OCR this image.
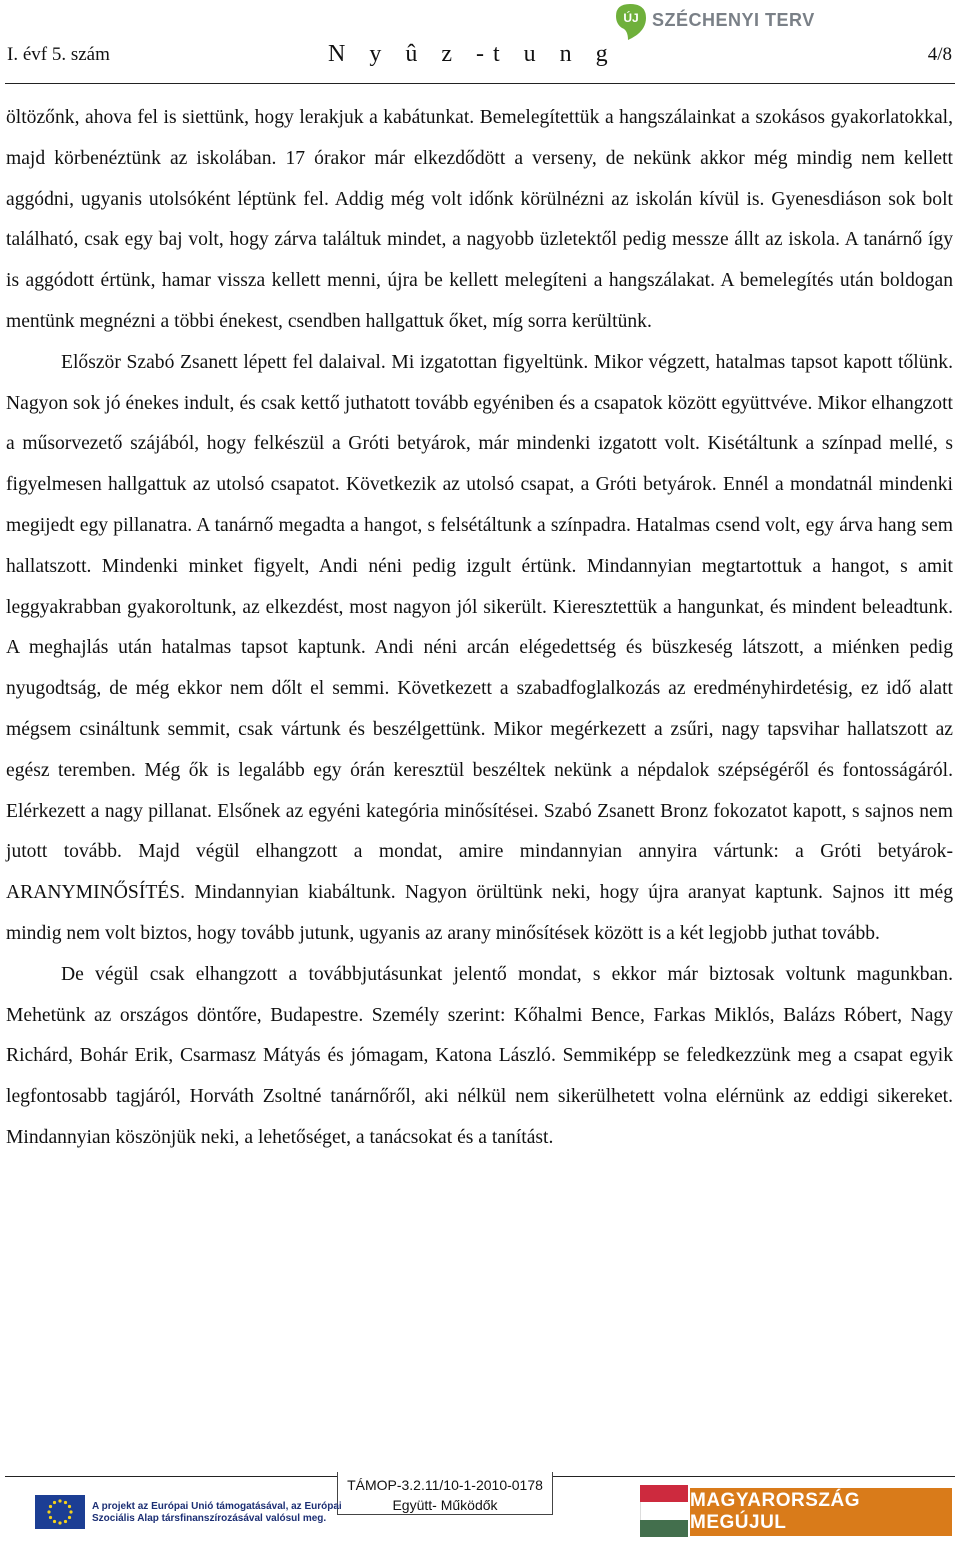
ÚJ SZÉCHENYI TERV
I. évf 5. szám	N y û z -t u n g	4/8

öltözőnk, ahova fel is siettünk, hogy lerakjuk a kabátunkat. Bemelegítettük a hangszálainkat a szokásos gyakorlatokkal, majd körbenéztünk az iskolában. 17 órakor már elkezdődött a verseny, de nekünk akkor még mindig nem kellett aggódni, ugyanis utolsóként léptünk fel. Addig még volt időnk körülnézni az iskolán kívül is. Gyenesdiáson sok bolt található, csak egy baj volt, hogy zárva találtuk mindet, a nagyobb üzletektől pedig messze állt az iskola. A tanárnő így is aggódott értünk, hamar vissza kellett menni, újra be kellett melegíteni a hangszálakat. A bemelegítés után boldogan mentünk megnézni a többi énekest, csendben hallgattuk őket, míg sorra kerültünk.

Először Szabó Zsanett lépett fel dalaival. Mi izgatottan figyeltünk. Mikor végzett, hatalmas tapsot kapott tőlünk. Nagyon sok jó énekes indult, és csak kettő juthatott tovább egyéniben és a csapatok között együttvéve. Mikor elhangzott a műsorvezető szájából, hogy felkészül a Gróti betyárok, már mindenki izgatott volt. Kisétáltunk a színpad mellé, s figyelmesen hallgattuk az utolsó csapatot. Következik az utolsó csapat, a Gróti betyárok. Ennél a mondatnál mindenki megijedt egy pillanatra. A tanárnő megadta a hangot, s felsétáltunk a színpadra. Hatalmas csend volt, egy árva hang sem hallatszott. Mindenki minket figyelt, Andi néni pedig izgult értünk. Mindannyian megtartottuk a hangot, s amit leggyakrabban gyakoroltunk, az elkezdést, most nagyon jól sikerült. Kieresztettük a hangunkat, és mindent beleadtunk. A meghajlás után hatalmas tapsot kaptunk. Andi néni arcán elégedettség és büszkeség látszott, a miénken pedig nyugodtság, de még ekkor nem dőlt el semmi. Következett a szabadfoglalkozás az eredményhirdetésig, ez idő alatt mégsem csináltunk semmit, csak vártunk és beszélgettünk. Mikor megérkezett a zsűri, nagy tapsvihar hallatszott az egész teremben. Még ők is legalább egy órán keresztül beszéltek nekünk a népdalok szépségéről és fontosságáról. Elérkezett a nagy pillanat. Elsőnek az egyéni kategória minősítései. Szabó Zsanett Bronz fokozatot kapott, s sajnos nem jutott tovább. Majd végül elhangzott a mondat, amire mindannyian annyira vártunk: a Gróti betyárok- ARANYMINŐSÍTÉS. Mindannyian kiabáltunk. Nagyon örültünk neki, hogy újra aranyat kaptunk. Sajnos itt még mindig nem volt biztos, hogy tovább jutunk, ugyanis az arany minősítések között is a két legjobb juthat tovább.

De végül csak elhangzott a továbbjutásunkat jelentő mondat, s ekkor már biztosak voltunk magunkban. Mehetünk az országos döntőre, Budapestre. Személy szerint: Kőhalmi Bence, Farkas Miklós, Balázs Róbert, Nagy Richárd, Bohár Erik, Csarmasz Mátyás és jómagam, Katona László. Semmiképp se feledkezzünk meg a csapat egyik legfontosabb tagjáról, Horváth Zsoltné tanárnőről, aki nélkül nem sikerülhetett volna elérnünk az eddigi sikereket. Mindannyian köszönjük neki, a lehetőséget, a tanácsokat és a tanítást.

TÁMOP-3.2.11/10-1-2010-0178
Együtt- Működők
A projekt az Európai Unió támogatásával, az Európai
Szociális Alap társfinanszírozásával valósul meg.
MAGYARORSZÁG MEGÚJUL
